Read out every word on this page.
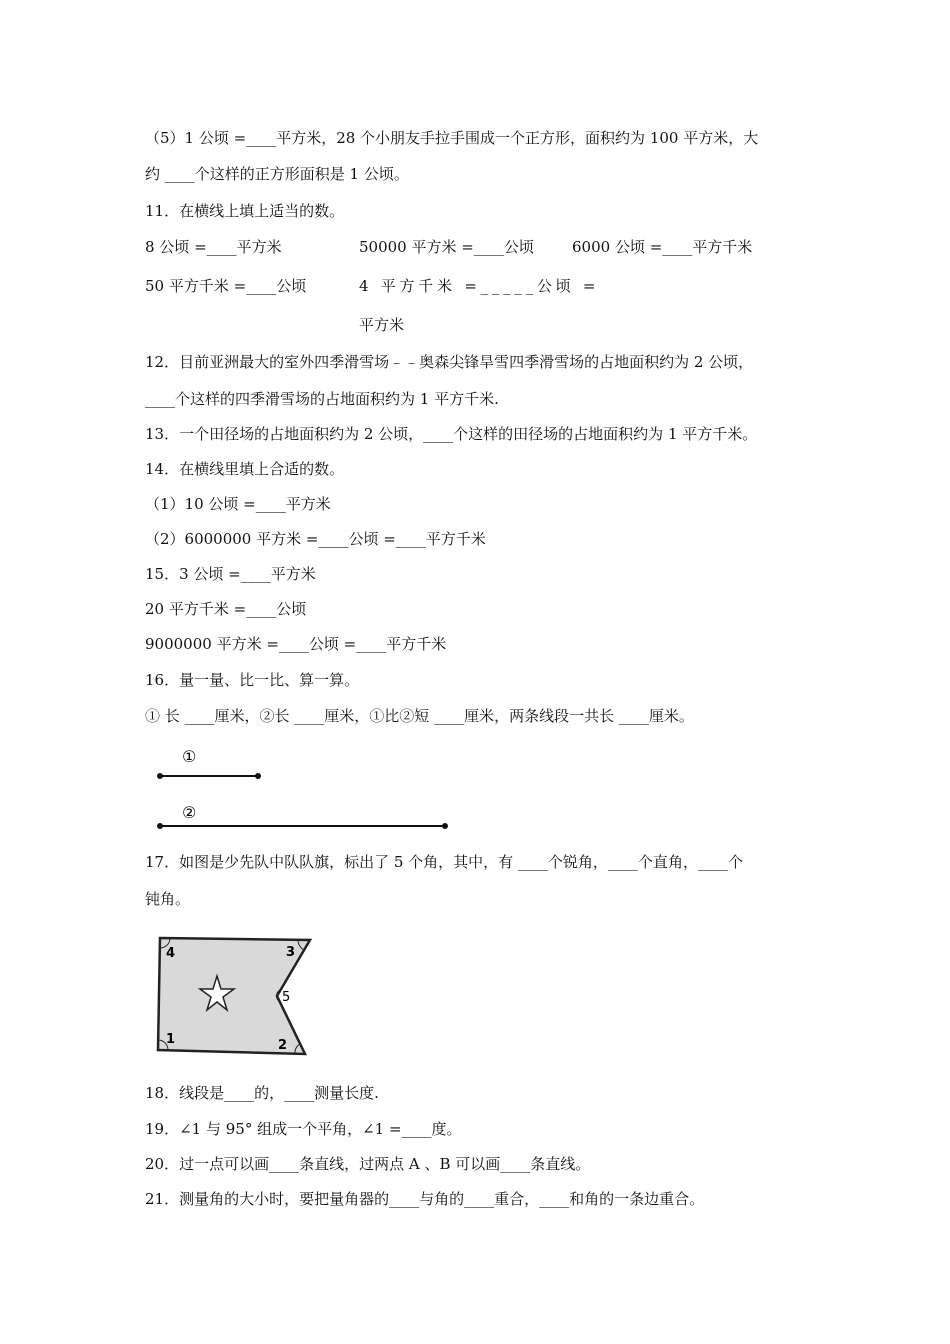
（5）1 公顷 =____平方米，28 个小朋友手拉手围成一个正方形，面积约为 100 平方米，大
约 ____个这样的正方形面积是 1 公顷。
11．在横线上填上适当的数。
8 公顷 =____平方米	50000 平方米 =____公顷	6000 公顷 =____平方千米
50 平方千米 =____公顷	4 平方千米 =_____公顷 =
平方米
12．目前亚洲最大的室外四季滑雪场﹣﹣奥森尖锋旱雪四季滑雪场的占地面积约为 2 公顷，
____个这样的四季滑雪场的占地面积约为 1 平方千米.
13．一个田径场的占地面积约为 2 公顷，____个这样的田径场的占地面积约为 1 平方千米。
14．在横线里填上合适的数。
（1）10 公顷 =____平方米
（2）6000000 平方米 =____公顷 =____平方千米
15．3 公顷 =____平方米
20 平方千米 =____公顷
9000000 平方米 =____公顷 =____平方千米
16．量一量、比一比、算一算。
① 长 ____厘米，②长 ____厘米，①比②短 ____厘米，两条线段一共长 ____厘米。
①
②
17．如图是少先队中队队旗，标出了 5 个角，其中，有 ____个锐角，____个直角，____个
钝角。
4	3
5
1	2
18．线段是____的，____测量长度.
19．∠1 与 95° 组成一个平角，∠1 =____度。
20．过一点可以画____条直线，过两点 A 、B 可以画____条直线。
21．测量角的大小时，要把量角器的____与角的____重合，____和角的一条边重合。
